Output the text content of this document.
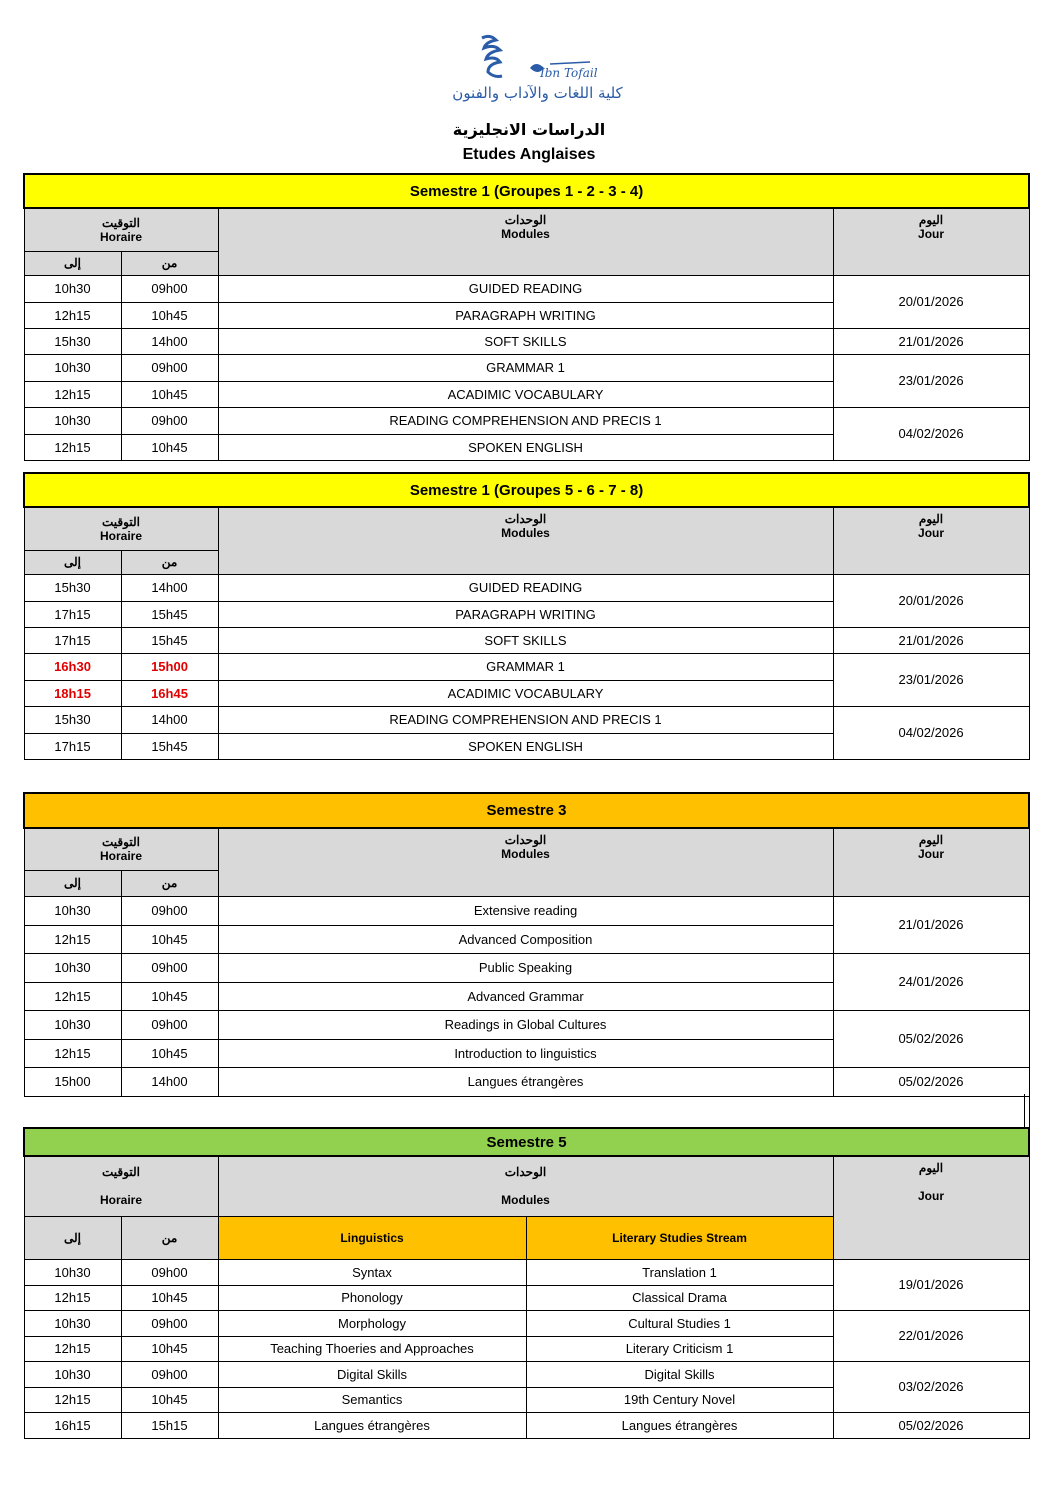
Ibn Tofail
كلية اللغات والآداب والفنون
الدراسات الانجليزية
Etudes Anglaises
Semestre 1 (Groupes 1 - 2 - 3 - 4)			

التوقيت
Horaire		الوحدات
Modules	اليوم
Jour
إلى	من		
10h30	09h00	GUIDED READING	20/01/2026
12h15	10h45	PARAGRAPH WRITING	
15h30	14h00	SOFT SKILLS	21/01/2026
10h30	09h00	GRAMMAR 1	23/01/2026
12h15	10h45	ACADIMIC VOCABULARY	
10h30	09h00	READING COMPREHENSION AND PRECIS 1	04/02/2026
12h15	10h45	SPOKEN ENGLISH	
Semestre 1 (Groupes 5 - 6 - 7 - 8)			

التوقيت
Horaire		الوحدات
Modules	اليوم
Jour
إلى	من		
15h30	14h00	GUIDED READING	20/01/2026
17h15	15h45	PARAGRAPH WRITING	
17h15	15h45	SOFT SKILLS	21/01/2026
16h30	15h00	GRAMMAR 1	23/01/2026
18h15	16h45	ACADIMIC VOCABULARY	
15h30	14h00	READING COMPREHENSION AND PRECIS 1	04/02/2026
17h15	15h45	SPOKEN ENGLISH	
Semestre 3			

التوقيت
Horaire		الوحدات
Modules	اليوم
Jour
إلى	من		
10h30	09h00	Extensive reading	21/01/2026
12h15	10h45	Advanced Composition	
10h30	09h00	Public Speaking	24/01/2026
12h15	10h45	Advanced Grammar	
10h30	09h00	Readings in Global Cultures	05/02/2026
12h15	10h45	Introduction to linguistics	
15h00	14h00	Langues étrangères	05/02/2026
Semestre 5				

التوقيت
Horaire		الوحدات
Modules		اليوم
Jour
إلى	من	Linguistics	Literary Studies Stream	
10h30	09h00	Syntax	Translation 1	19/01/2026
12h15	10h45	Phonology	Classical Drama	
10h30	09h00	Morphology	Cultural Studies 1	22/01/2026
12h15	10h45	Teaching Thoeries and Approaches	Literary Criticism 1	
10h30	09h00	Digital Skills	Digital Skills	03/02/2026
12h15	10h45	Semantics	19th Century Novel	
16h15	15h15	Langues étrangères	Langues étrangères	05/02/2026
